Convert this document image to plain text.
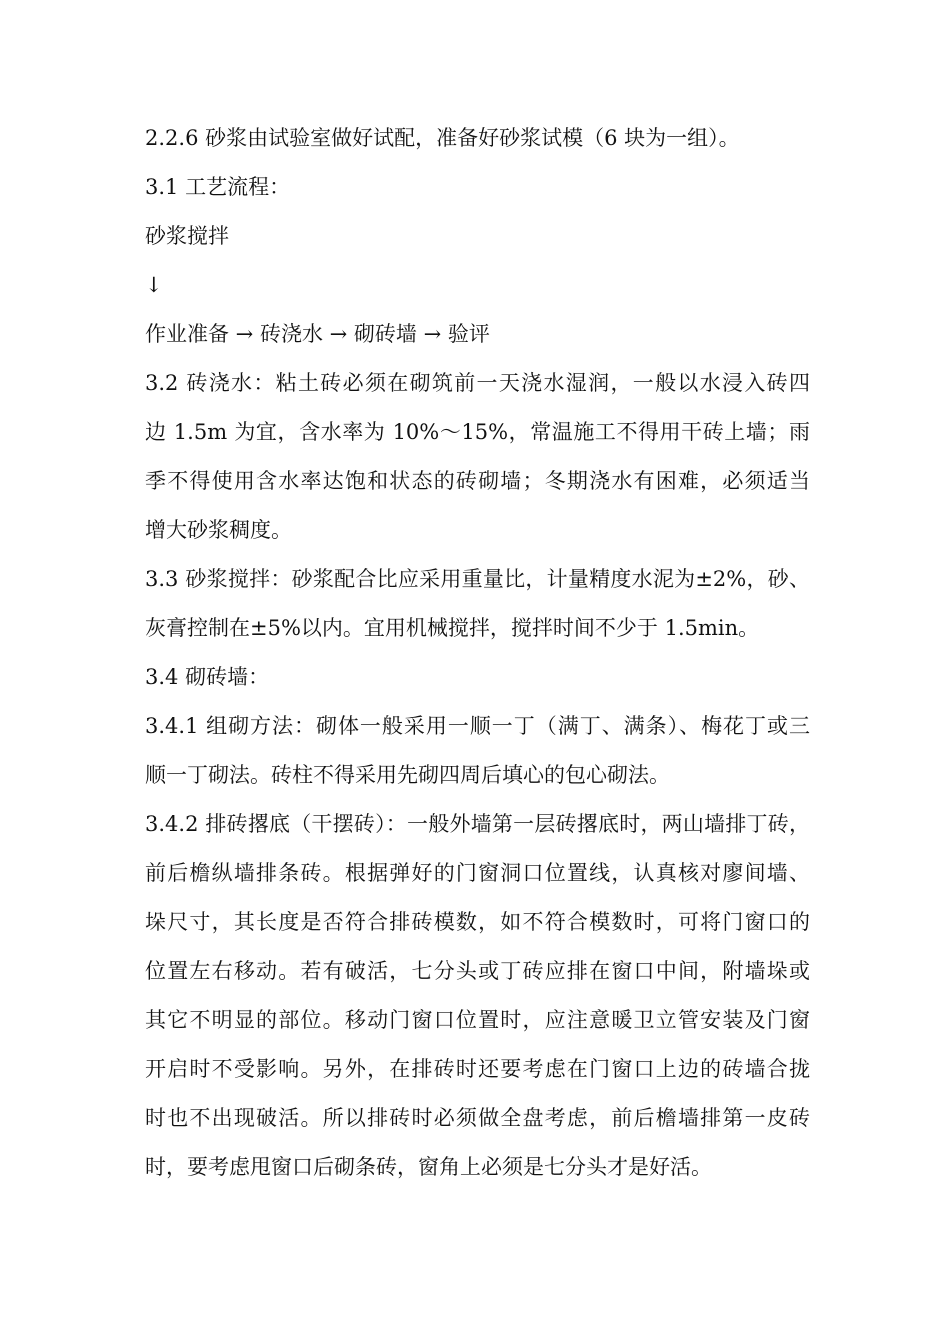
2.2.6 砂浆由试验室做好试配，准备好砂浆试模（6 块为一组）。
3.1 工艺流程：
砂浆搅拌
↓
作业准备 → 砖浇水 → 砌砖墙 → 验评
3.2 砖浇水：粘土砖必须在砌筑前一天浇水湿润，一般以水浸入砖四
边 1.5m 为宜，含水率为 10%～15%，常温施工不得用干砖上墙；雨
季不得使用含水率达饱和状态的砖砌墙；冬期浇水有困难，必须适当
增大砂浆稠度。
3.3 砂浆搅拌：砂浆配合比应采用重量比，计量精度水泥为±2%，砂、
灰膏控制在±5%以内。宜用机械搅拌，搅拌时间不少于 1.5min。
3.4 砌砖墙：
3.4.1 组砌方法：砌体一般采用一顺一丁（满丁、满条）、梅花丁或三
顺一丁砌法。砖柱不得采用先砌四周后填心的包心砌法。
3.4.2 排砖撂底（干摆砖）：一般外墙第一层砖撂底时，两山墙排丁砖，
前后檐纵墙排条砖。根据弹好的门窗洞口位置线，认真核对廖间墙、
垛尺寸，其长度是否符合排砖模数，如不符合模数时，可将门窗口的
位置左右移动。若有破活，七分头或丁砖应排在窗口中间，附墙垛或
其它不明显的部位。移动门窗口位置时，应注意暖卫立管安装及门窗
开启时不受影响。另外，在排砖时还要考虑在门窗口上边的砖墙合拢
时也不出现破活。所以排砖时必须做全盘考虑，前后檐墙排第一皮砖
时，要考虑甩窗口后砌条砖，窗角上必须是七分头才是好活。
